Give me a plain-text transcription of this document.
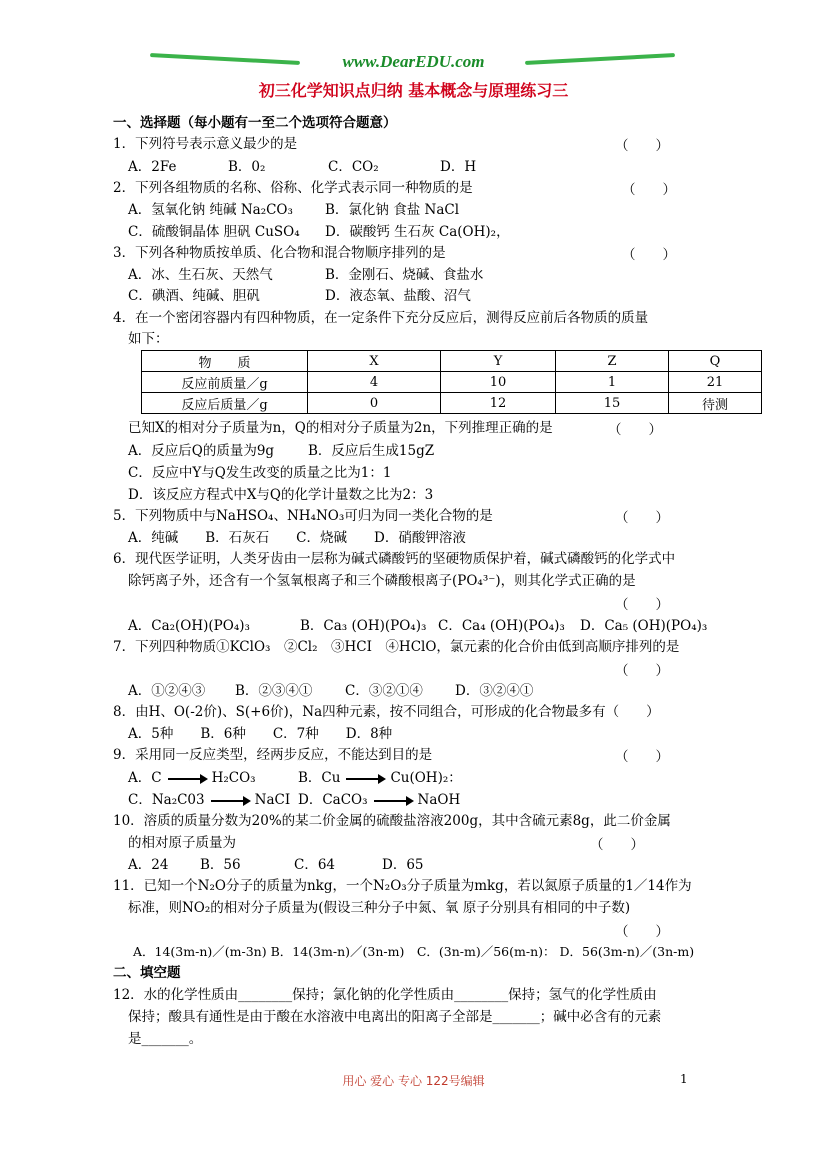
www.DearEDU.com
初三化学知识点归纳 基本概念与原理练习三
一、选择题（每小题有一至二个选项符合题意）
1．下列符号表示意义最少的是	（　　）
A．2Fe	B．0₂	C．CO₂	D．H
2．下列各组物质的名称、俗称、化学式表示同一种物质的是	（　　）
A．氢氧化钠 纯碱 Na₂CO₃ B．氯化钠 食盐 NaCl
C．硫酸铜晶体 胆矾 CuSO₄ D．碳酸钙 生石灰 Ca(OH)₂，
3．下列各种物质按单质、化合物和混合物顺序排列的是	（　　）
A．冰、生石灰、天然气	B．金刚石、烧碱、食盐水
C．碘酒、纯碱、胆矾	D．液态氧、盐酸、沼气
4．在一个密闭容器内有四种物质，在一定条件下充分反应后，测得反应前后各物质的质量
如下：
物　　质	X	Y	Z	Q
反应前质量／g	4	10	1	21
反应后质量／g	0	12	15	待测
已知X的相对分子质量为n，Q的相对分子质量为2n，下列推理正确的是	（　　）
A．反应后Q的质量为9g	B．反应后生成15gZ
C．反应中Y与Q发生改变的质量之比为1：1
D．该反应方程式中X与Q的化学计量数之比为2：3
5．下列物质中与NaHSO₄、NH₄NO₃可归为同一类化合物的是	（　　）
A．纯碱　　B．石灰石　　C．烧碱　　D．硝酸钾溶液
6．现代医学证明，人类牙齿由一层称为碱式磷酸钙的坚硬物质保护着，碱式磷酸钙的化学式中
除钙离子外，还含有一个氢氧根离子和三个磷酸根离子(PO₄³⁻)，则其化学式正确的是
（　　）
A．Ca₂(OH)(PO₄)₃	B．Ca₃ (OH)(PO₄)₃ C．Ca₄ (OH)(PO₄)₃ D．Ca₅ (OH)(PO₄)₃
7．下列四种物质①KClO₃　②Cl₂　③HCI　④HClO，氯元素的化合价由低到高顺序排列的是
（　　）
A．①②④③ B．②③④① C．③②①④ D．③②④①
8．由H、O(-2价)、S(+6价)，Na四种元素，按不同组合，可形成的化合物最多有（　　）
A．5种　　B．6种　　C．7种　　D．8种
9．采用同一反应类型，经两步反应，不能达到目的是	（　　）
A．C	H₂CO₃	B．Cu	Cu(OH)₂：
C．Na₂C03	NaCI D．CaCO₃	NaOH
10．溶质的质量分数为20%的某二价金属的硫酸盐溶液200g，其中含硫元素8g，此二价金属
的相对原子质量为	（　　）
A．24 B．56	C．64	D．65
11．已知一个N₂O分子的质量为nkg，一个N₂O₃分子质量为mkg，若以氮原子质量的1／14作为
标准，则NO₂的相对分子质量为(假设三种分子中氮、氧 原子分别具有相同的中子数)
（　　）
A．14(3m-n)／(m-3n) B．14(3m-n)／(3n-m)　C．(3n-m)／56(m-n)： D．56(3m-n)／(3n-m)
二、填空题
12．水的化学性质由________保持；氯化钠的化学性质由________保持；氢气的化学性质由
保持；酸具有通性是由于酸在水溶液中电离出的阳离子全部是_______；碱中必含有的元素
是_______。
用心 爱心 专心 122号编辑	1
